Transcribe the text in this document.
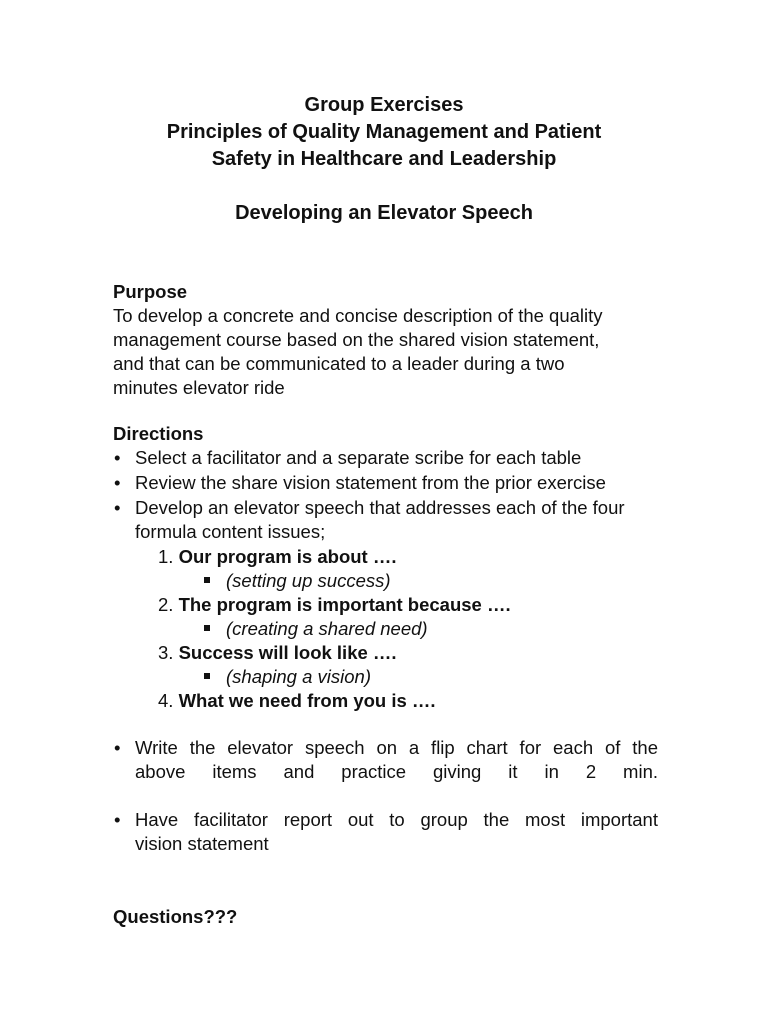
Group Exercises
Principles of Quality Management and Patient
Safety in Healthcare and Leadership
Developing an Elevator Speech
Purpose
To develop a concrete and concise description of the quality
management course based on the shared vision statement,
and that can be communicated to a leader during a two
minutes elevator ride
Directions
• Select a facilitator and a separate scribe for each table
• Review the share vision statement from the prior exercise
• Develop an elevator speech that addresses each of the four
formula content issues;
1. Our program is about ….
(setting up success)
2. The program is important because ….
(creating a shared need)
3. Success will look like ….
(shaping a vision)
4. What we need from you is ….
• Write the elevator speech on a flip chart for each of the
above items and practice giving it in 2 min.
• Have facilitator report out to group the most important
vision statement
Questions???
